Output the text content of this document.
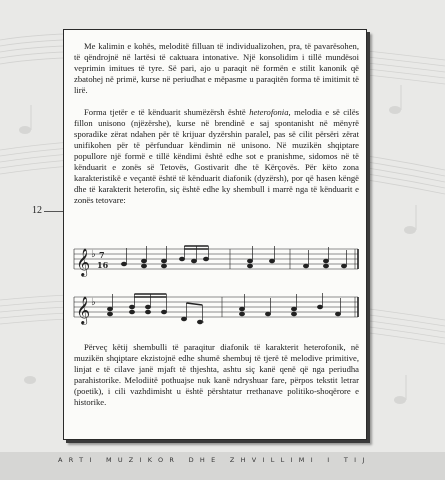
12

Me kalimin e kohës, meloditë filluan të individualizohen, pra, të pavarësohen, të qëndrojnë në lartësi të caktuara intonative. Një konsolidim i tillë mundësoi veprimin imitues të tyre. Së pari, ajo u paraqit në formën e stilit kanonik që zbatohej në primë, kurse në periudhat e mëpasme u paraqitën forma të imitimit të lirë.

Forma tjetër e të kënduarit shumëzërsh është heterofonia, melodia e së cilës fillon unisono (njëzërshe), kurse në brendinë e saj spontanisht në mënyrë sporadike zërat ndahen për të krijuar dyzërshin paralel, pas së cilit përsëri zërat unifikohen për të përfunduar këndimin në unisono. Në muzikën shqiptare popullore një formë e tillë këndimi është edhe sot e pranishme, sidomos në të kënduarit e zonës së Tetovës, Gostivarit dhe të Kërçovës. Për këto zona karakteristikë e veçantë është të kënduarit diafonik (dyzërsh), por që hasen këngë dhe të karakterit heterofin, siç është edhe ky shembull i marrë nga të kënduarit e zonës tetovare:

𝄞 ♭ 7
16
𝄞 ♭

Përveç këtij shembulli të paraqitur diafonik të karakterit heterofonik, në muzikën shqiptare ekzistojnë edhe shumë shembuj të tjerë të melodive primitive, linjat e të cilave janë mjaft të thjeshta, ashtu siç kanë qenë që nga periudha parahistorike. Melodiitë pothuajse nuk kanë ndryshuar fare, përpos tekstit letrar (poetik), i cili vazhdimisht u është përshtatur rrethanave politiko-shoqërore e historike.

ARTI MUZIKOR DHE ZHVILLIMI I TIJ
